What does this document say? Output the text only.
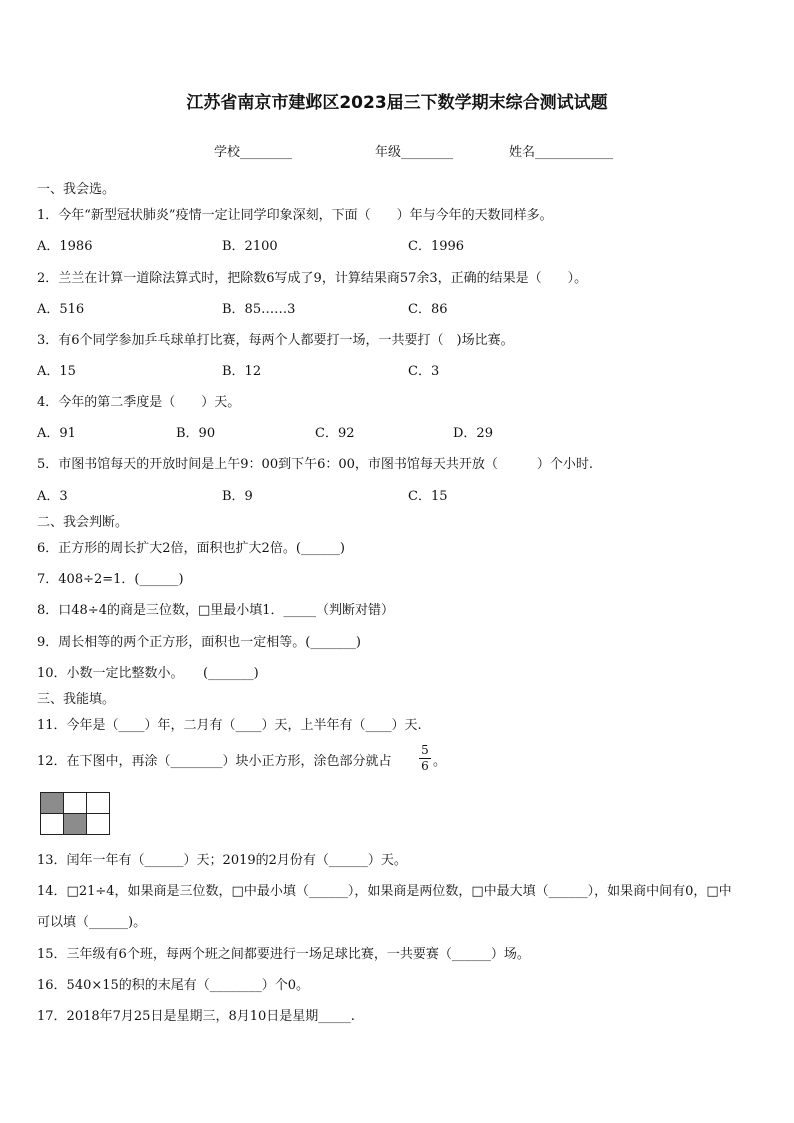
江苏省南京市建邺区2023届三下数学期末综合测试试题
学校________	年级________	姓名____________
一、我会选。
1．今年“新型冠状肺炎”疫情一定让同学印象深刻，下面（　　）年与今年的天数同样多。
A．1986	B．2100	C．1996
2．兰兰在计算一道除法算式时，把除数6写成了9，计算结果商57余3，正确的结果是（　　）。
A．516	B．85……3	C．86
3．有6个同学参加乒乓球单打比赛，每两个人都要打一场，一共要打（　)场比赛。
A．15	B．12	C．3
4．今年的第二季度是（　　）天。
A．91	B．90	C．92	D．29
5．市图书馆每天的开放时间是上午9：00到下午6：00，市图书馆每天共开放（　　　）个小时.
A．3	B．9	C．15
二、我会判断。
6．正方形的周长扩大2倍，面积也扩大2倍。(______)
7．408÷2=1．(______)
8．口48÷4的商是三位数，□里最小填1．_____（判断对错）
9．周长相等的两个正方形，面积也一定相等。(_______)
10．小数一定比整数小。　　(_______)
三、我能填。
11．今年是（____）年，二月有（____）天，上半年有（____）天.
12．在下图中，再涂（________）块小正方形，涂色部分就占
5
6 。

13．闰年一年有（______）天；2019的2月份有（______）天。
14．□21÷4，如果商是三位数，□中最小填（______），如果商是两位数，□中最大填（______），如果商中间有0，□中
可以填（______)。
15．三年级有6个班，每两个班之间都要进行一场足球比赛，一共要赛（______）场。
16．540×15的积的末尾有（________）个0。
17．2018年7月25日是星期三，8月10日是星期_____.
